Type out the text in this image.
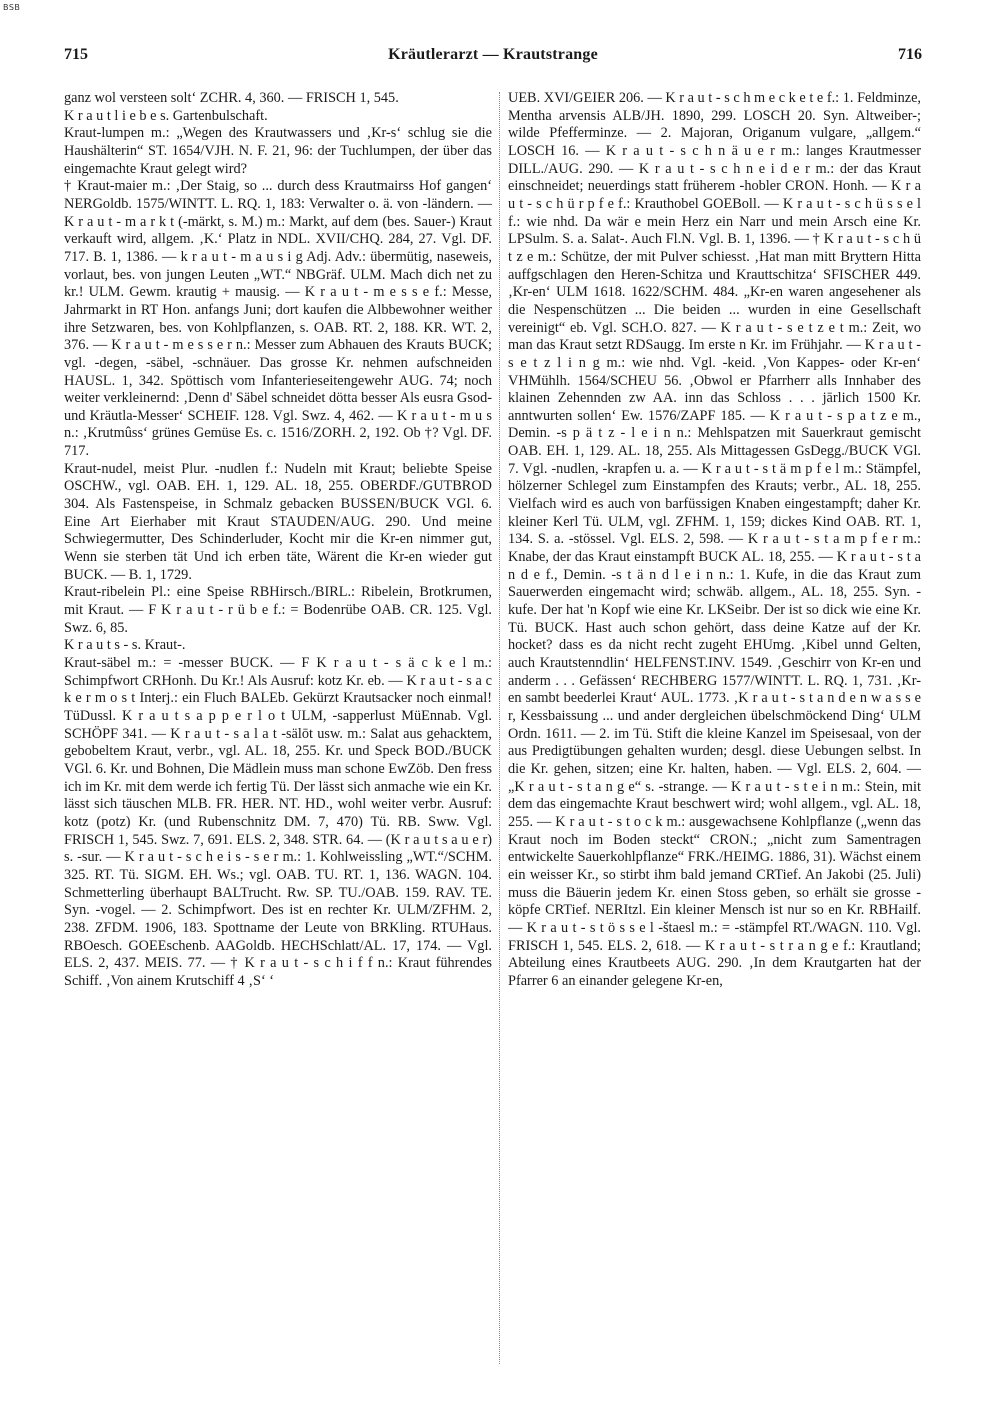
BSB
715	Kräutlerarzt — Krautstrange	716

ganz wol versteen solt‘ ZCHR. 4, 360. — FRISCH 1, 545.

K r a u t l i e b e s. Gartenbulschaft.

Kraut-lumpen m.: „Wegen des Krautwassers und ‚Kr-s‘ schlug sie die Haushälterin“ ST. 1654/VJH. N. F. 21, 96: der Tuchlumpen, der über das eingemachte Kraut gelegt wird?

† Kraut-maier m.: ‚Der Staig, so ... durch dess Krautmairss Hof gangen‘ NERGoldb. 1575/WINTT. L. RQ. 1, 183: Verwalter o. ä. von -ländern. — K r a u t - m a r k t (-märkt, s. M.) m.: Markt, auf dem (bes. Sauer-) Kraut verkauft wird, allgem. ‚K.‘ Platz in NDL. XVII/CHQ. 284, 27. Vgl. DF. 717. B. 1, 1386. — k r a u t - m a u s i g Adj. Adv.: übermütig, naseweis, vorlaut, bes. von jungen Leuten „WT.“ NBGräf. ULM. Mach dich net zu kr.! ULM. Gewm. krautig + mausig. — K r a u t - m e s s e f.: Messe, Jahrmarkt in RT Hon. anfangs Juni; dort kaufen die Albbewohner weither ihre Setzwaren, bes. von Kohlpflanzen, s. OAB. RT. 2, 188. KR. WT. 2, 376. — K r a u t - m e s s e r n.: Messer zum Abhauen des Krauts BUCK; vgl. -degen, -säbel, -schnäuer. Das grosse Kr. nehmen aufschneiden HAUSL. 1, 342. Spöttisch vom Infanterieseitengewehr AUG. 74; noch weiter verkleinernd: ‚Denn d' Säbel schneidet dötta besser Als eusra Gsod- und Kräutla-Messer‘ SCHEIF. 128. Vgl. Swz. 4, 462. — K r a u t - m u s n.: ‚Krutmûss‘ grünes Gemüse Es. c. 1516/ZORH. 2, 192. Ob †? Vgl. DF. 717.

Kraut-nudel, meist Plur. -nudlen f.: Nudeln mit Kraut; beliebte Speise OSCHW., vgl. OAB. EH. 1, 129. AL. 18, 255. OBERDF./GUTBROD 304. Als Fastenspeise, in Schmalz gebacken BUSSEN/BUCK VGl. 6. Eine Art Eierhaber mit Kraut STAUDEN/AUG. 290. Und meine Schwiegermutter, Des Schinderluder, Kocht mir die Kr-en nimmer gut, Wenn sie sterben tät Und ich erben täte, Wärent die Kr-en wieder gut BUCK. — B. 1, 1729.

Kraut-ribelein Pl.: eine Speise RBHirsch./BIRL.: Ribelein, Brotkrumen, mit Kraut. — F K r a u t - r ü b e f.: = Bodenrübe OAB. CR. 125. Vgl. Swz. 6, 85.

K r a u t s - s. Kraut-.

Kraut-säbel m.: = -messer BUCK. — F K r a u t - s ä c k e l m.: Schimpfwort CRHonh. Du Kr.! Als Ausruf: kotz Kr. eb. — K r a u t - s a c k e r m o s t Interj.: ein Fluch BALEb. Gekürzt Krautsacker noch einmal! TüDussl. K r a u t s a p p e r l o t ULM, -sapperlust MüEnnab. Vgl. SCHÖPF 341. — K r a u t - s a l a t -sälōt usw. m.: Salat aus gehacktem, gebobeltem Kraut, verbr., vgl. AL. 18, 255. Kr. und Speck BOD./BUCK VGl. 6. Kr. und Bohnen, Die Mädlein muss man schone EwZöb. Den fress ich im Kr. mit dem werde ich fertig Tü. Der lässt sich anmache wie ein Kr. lässt sich täuschen MLB. FR. HER. NT. HD., wohl weiter verbr. Ausruf: kotz (potz) Kr. (und Rubenschnitz DM. 7, 470) Tü. RB. Sww. Vgl. FRISCH 1, 545. Swz. 7, 691. ELS. 2, 348. STR. 64. — (K r a u t s a u e r) s. -sur. — K r a u t - s c h e i s - s e r m.: 1. Kohlweissling „WT.“/SCHM. 325. RT. Tü. SIGM. EH. Ws.; vgl. OAB. TU. RT. 1, 136. WAGN. 104. Schmetterling überhaupt BALTrucht. Rw. SP. TU./OAB. 159. RAV. TE. Syn. -vogel. — 2. Schimpfwort. Des ist en rechter Kr. ULM/ZFHM. 2, 238. ZFDM. 1906, 183. Spottname der Leute von BRKling. RTUHaus. RBOesch. GOEEschenb. AAGoldb. HECHSchlatt/AL. 17, 174. — Vgl. ELS. 2, 437. MEIS. 77. — † K r a u t - s c h i f f n.: Kraut führendes Schiff. ‚Von ainem Krutschiff 4 ‚S‘ ‘

UEB. XVI/GEIER 206. — K r a u t - s c h m e c k e t e f.: 1. Feldminze, Mentha arvensis ALB/JH. 1890, 299. LOSCH 20. Syn. Altweiber-; wilde Pfefferminze. — 2. Majoran, Origanum vulgare, „allgem.“ LOSCH 16. — K r a u t - s c h n ä u e r m.: langes Krautmesser DILL./AUG. 290. — K r a u t - s c h n e i d e r m.: der das Kraut einschneidet; neuerdings statt früherem -hobler CRON. Honh. — K r a u t - s c h ü r p f e f.: Krauthobel GOEBoll. — K r a u t - s c h ü s s e l f.: wie nhd. Da wär e mein Herz ein Narr und mein Arsch eine Kr. LPSulm. S. a. Salat-. Auch Fl.N. Vgl. B. 1, 1396. — † K r a u t - s c h ü t z e m.: Schütze, der mit Pulver schiesst. ‚Hat man mitt Bryttern Hitta auffgschlagen den Heren-Schitza und Krauttschitza‘ SFISCHER 449. ‚Kr-en‘ ULM 1618. 1622/SCHM. 484. „Kr-en waren angesehener als die Nespenschützen ... Die beiden ... wurden in eine Gesellschaft vereinigt“ eb. Vgl. SCH.O. 827. — K r a u t - s e t z e t m.: Zeit, wo man das Kraut setzt RDSaugg. Im erste n Kr. im Frühjahr. — K r a u t - s e t z l i n g m.: wie nhd. Vgl. -keid. ‚Von Kappes- oder Kr-en‘ VHMühlh. 1564/SCHEU 56. ‚Obwol er Pfarrherr alls Innhaber des klainen Zehennden zw AA. inn das Schloss . . . jārlich 1500 Kr. anntwurten sollen‘ Ew. 1576/ZAPF 185. — K r a u t - s p a t z e m., Demin. -s p ä t z - l e i n n.: Mehlspatzen mit Sauerkraut gemischt OAB. EH. 1, 129. AL. 18, 255. Als Mittagessen GsDegg./BUCK VGl. 7. Vgl. -nudlen, -krapfen u. a. — K r a u t - s t ä m p f e l m.: Stämpfel, hölzerner Schlegel zum Einstampfen des Krauts; verbr., AL. 18, 255. Vielfach wird es auch von barfüssigen Knaben eingestampft; daher Kr. kleiner Kerl Tü. ULM, vgl. ZFHM. 1, 159; dickes Kind OAB. RT. 1, 134. S. a. -stössel. Vgl. ELS. 2, 598. — K r a u t - s t a m p f e r m.: Knabe, der das Kraut einstampft BUCK AL. 18, 255. — K r a u t - s t a n d e f., Demin. -s t ä n d l e i n n.: 1. Kufe, in die das Kraut zum Sauerwerden eingemacht wird; schwäb. allgem., AL. 18, 255. Syn. -kufe. Der hat 'n Kopf wie eine Kr. LKSeibr. Der ist so dick wie eine Kr. Tü. BUCK. Hast auch schon gehört, dass deine Katze auf der Kr. hocket? dass es da nicht recht zugeht EHUmg. ‚Kibel unnd Gelten, auch Krautstenndlin‘ HELFENST.INV. 1549. ‚Geschirr von Kr-en und anderm . . . Gefässen‘ RECHBERG 1577/WINTT. L. RQ. 1, 731. ‚Kr-en sambt beederlei Kraut‘ AUL. 1773. ‚K r a u t - s t a n d e n w a s s e r, Kessbaissung ... und ander dergleichen übelschmöckend Ding‘ ULM Ordn. 1611. — 2. im Tü. Stift die kleine Kanzel im Speisesaal, von der aus Predigtübungen gehalten wurden; desgl. diese Uebungen selbst. In die Kr. gehen, sitzen; eine Kr. halten, haben. — Vgl. ELS. 2, 604. — „K r a u t - s t a n g e“ s. -strange. — K r a u t - s t e i n m.: Stein, mit dem das eingemachte Kraut beschwert wird; wohl allgem., vgl. AL. 18, 255. — K r a u t - s t o c k m.: ausgewachsene Kohlpflanze („wenn das Kraut noch im Boden steckt“ CRON.; „nicht zum Samentragen entwickelte Sauerkohlpflanze“ FRK./HEIMG. 1886, 31). Wächst einem ein weisser Kr., so stirbt ihm bald jemand CRTief. An Jakobi (25. Juli) muss die Bäuerin jedem Kr. einen Stoss geben, so erhält sie grosse -köpfe CRTief. NERItzl. Ein kleiner Mensch ist nur so en Kr. RBHailf. — K r a u t - s t ö s s e l -štaesl m.: = -stämpfel RT./WAGN. 110. Vgl. FRISCH 1, 545. ELS. 2, 618. — K r a u t - s t r a n g e f.: Krautland; Abteilung eines Krautbeets AUG. 290. ‚In dem Krautgarten hat der Pfarrer 6 an einander gelegene Kr-en,
